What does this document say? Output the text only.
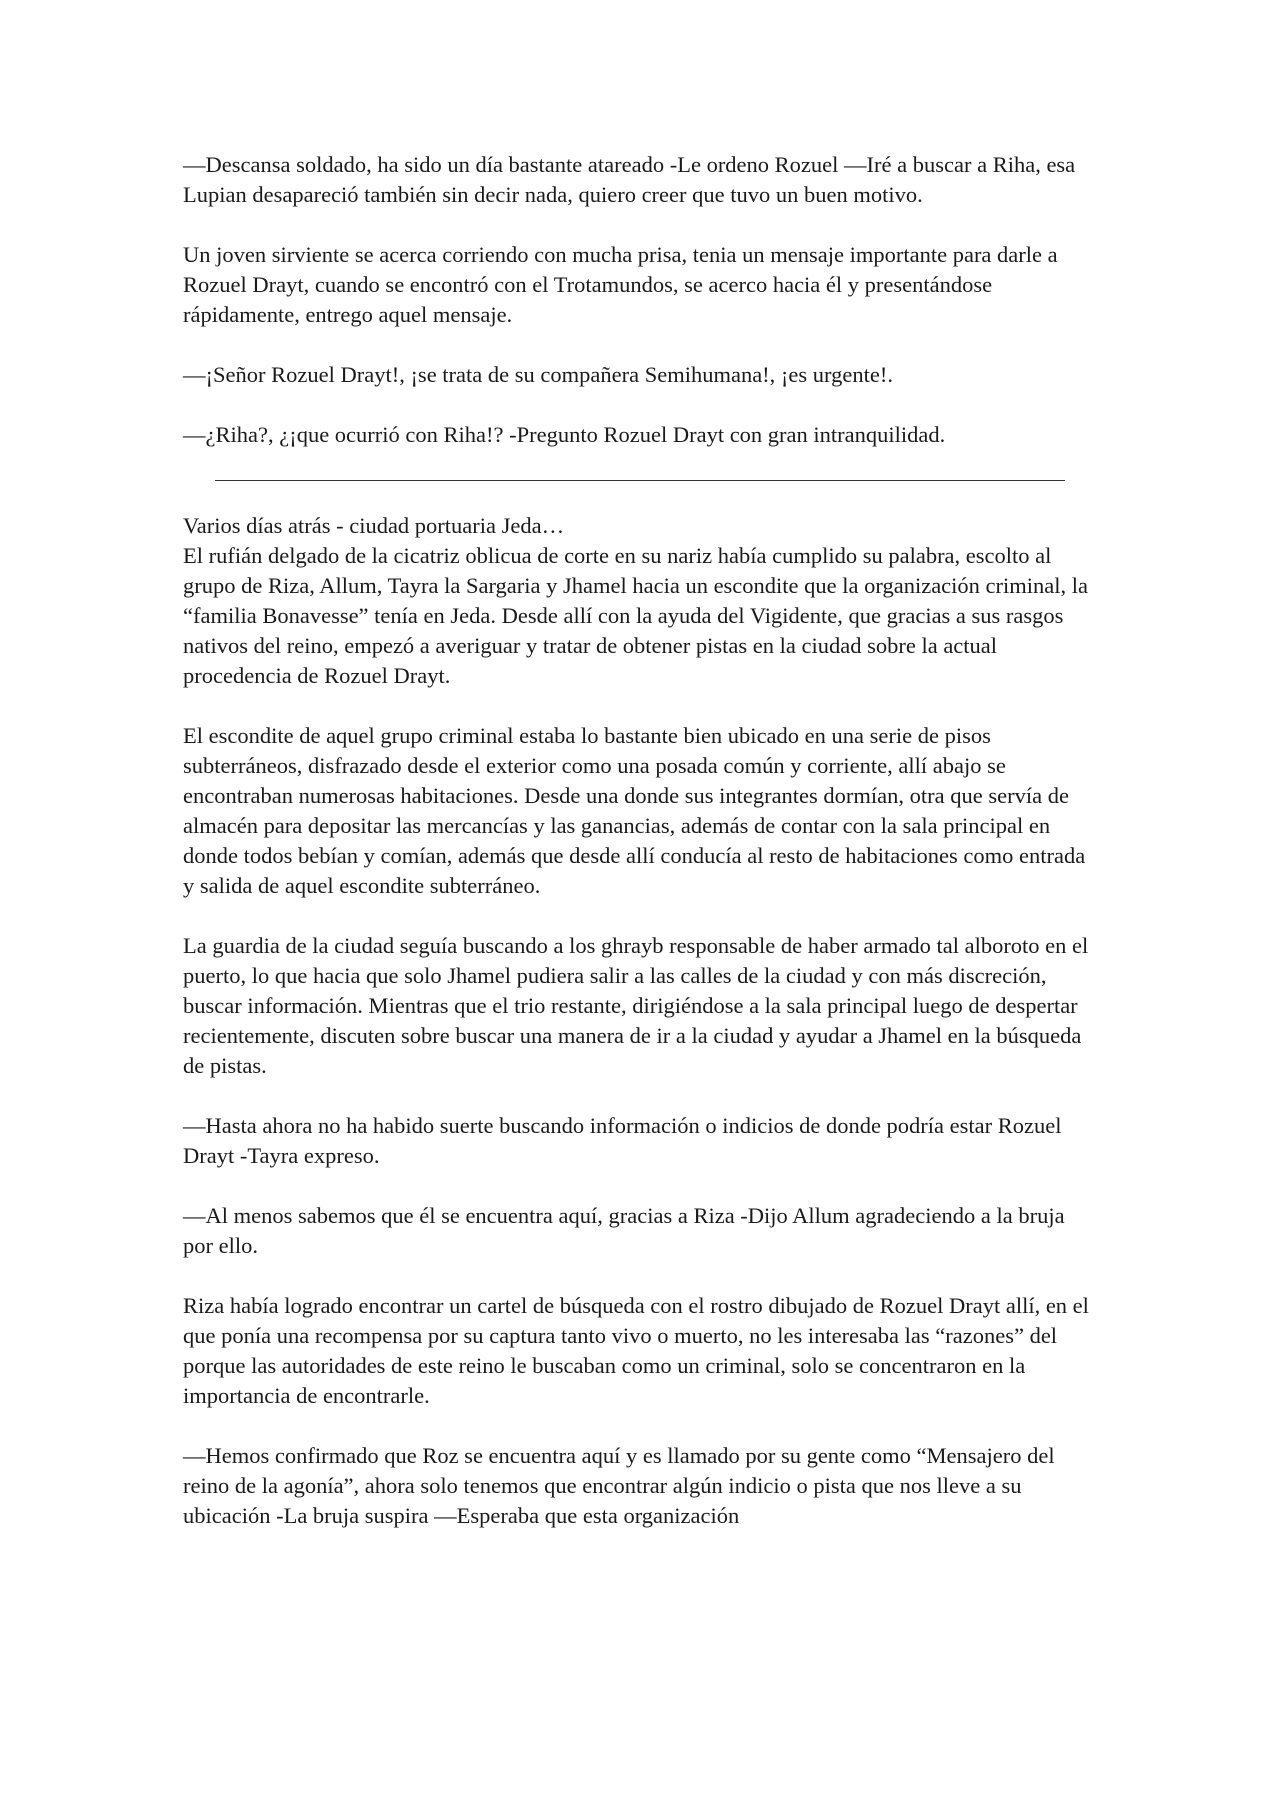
—Descansa soldado, ha sido un día bastante atareado -Le ordeno Rozuel —Iré a buscar a Riha, esa Lupian desapareció también sin decir nada, quiero creer que tuvo un buen motivo.

Un joven sirviente se acerca corriendo con mucha prisa, tenia un mensaje importante para darle a Rozuel Drayt, cuando se encontró con el Trotamundos, se acerco hacia él y presentándose rápidamente, entrego aquel mensaje.

—¡Señor Rozuel Drayt!, ¡se trata de su compañera Semihumana!, ¡es urgente!.

—¿Riha?, ¿¡que ocurrió con Riha!? -Pregunto Rozuel Drayt con gran intranquilidad.

Varios días atrás - ciudad portuaria Jeda…

El rufián delgado de la cicatriz oblicua de corte en su nariz había cumplido su palabra, escolto al grupo de Riza, Allum, Tayra la Sargaria y Jhamel hacia un escondite que la organización criminal, la “familia Bonavesse” tenía en Jeda. Desde allí con la ayuda del Vigidente, que gracias a sus rasgos nativos del reino, empezó a averiguar y tratar de obtener pistas en la ciudad sobre la actual procedencia de Rozuel Drayt.

El escondite de aquel grupo criminal estaba lo bastante bien ubicado en una serie de pisos subterráneos, disfrazado desde el exterior como una posada común y corriente, allí abajo se encontraban numerosas habitaciones. Desde una donde sus integrantes dormían, otra que servía de almacén para depositar las mercancías y las ganancias, además de contar con la sala principal en donde todos bebían y comían, además que desde allí conducía al resto de habitaciones como entrada y salida de aquel escondite subterráneo.

La guardia de la ciudad seguía buscando a los ghrayb responsable de haber armado tal alboroto en el puerto, lo que hacia que solo Jhamel pudiera salir a las calles de la ciudad y con más discreción, buscar información. Mientras que el trio restante, dirigiéndose a la sala principal luego de despertar recientemente, discuten sobre buscar una manera de ir a la ciudad y ayudar a Jhamel en la búsqueda de pistas.

—Hasta ahora no ha habido suerte buscando información o indicios de donde podría estar Rozuel Drayt -Tayra expreso.

—Al menos sabemos que él se encuentra aquí, gracias a Riza -Dijo Allum agradeciendo a la bruja por ello.

Riza había logrado encontrar un cartel de búsqueda con el rostro dibujado de Rozuel Drayt allí, en el que ponía una recompensa por su captura tanto vivo o muerto, no les interesaba las “razones” del porque las autoridades de este reino le buscaban como un criminal, solo se concentraron en la importancia de encontrarle.

—Hemos confirmado que Roz se encuentra aquí y es llamado por su gente como “Mensajero del reino de la agonía”, ahora solo tenemos que encontrar algún indicio o pista que nos lleve a su ubicación -La bruja suspira —Esperaba que esta organización
